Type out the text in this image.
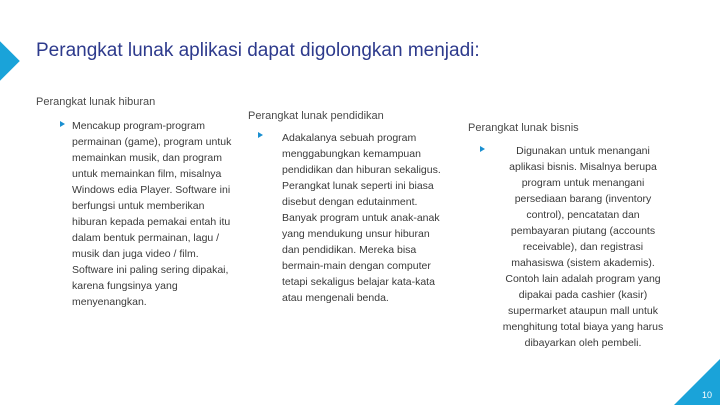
Perangkat lunak aplikasi dapat digolongkan menjadi:

Perangkat lunak hiburan

Mencakup program-program permainan (game), program untuk memainkan musik, dan program untuk memainkan film, misalnya Windows edia Player. Software ini berfungsi untuk memberikan hiburan kepada pemakai entah itu dalam bentuk permainan, lagu / musik dan juga video / film. Software ini paling sering dipakai, karena fungsinya yang menyenangkan.

Perangkat lunak pendidikan

Adakalanya sebuah program menggabungkan kemampuan pendidikan dan hiburan sekaligus. Perangkat lunak seperti ini biasa disebut dengan edutainment. Banyak program untuk anak-anak yang mendukung unsur hiburan dan pendidikan. Mereka bisa bermain-main dengan computer tetapi sekaligus belajar kata-kata atau mengenali benda.

Perangkat lunak bisnis

Digunakan untuk menangani aplikasi bisnis. Misalnya berupa program untuk menangani persediaan barang (inventory control), pencatatan dan pembayaran piutang (accounts receivable), dan registrasi mahasiswa (sistem akademis). Contoh lain adalah program yang dipakai pada cashier (kasir) supermarket ataupun mall untuk menghitung total biaya yang harus dibayarkan oleh pembeli.

10
